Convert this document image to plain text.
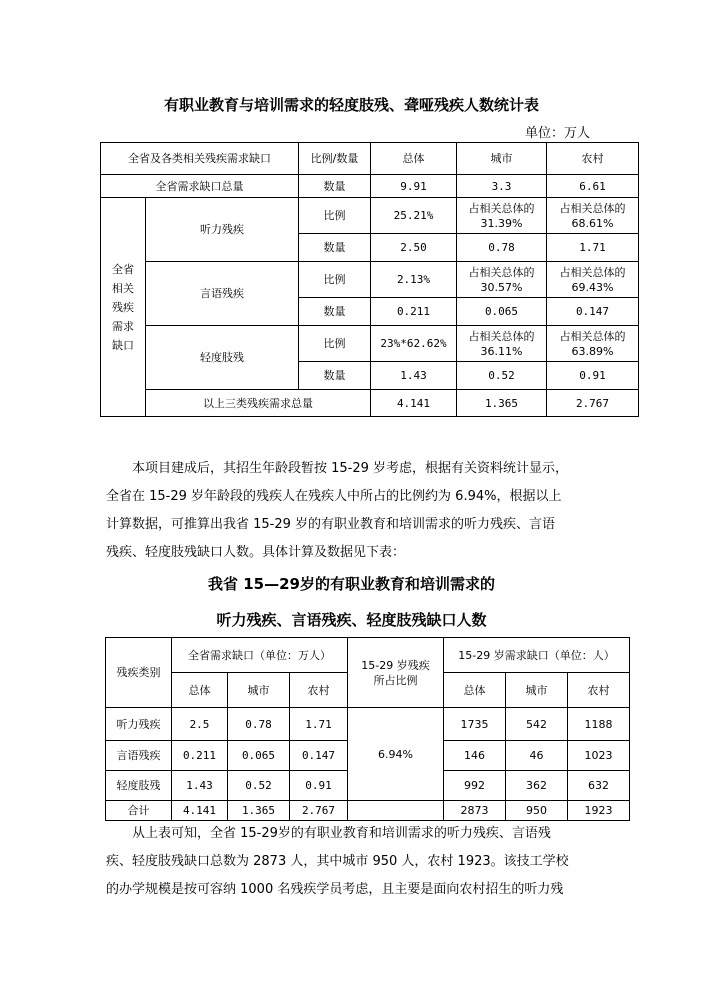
有职业教育与培训需求的轻度肢残、聋哑残疾人数统计表
单位：万人
全省及各类相关残疾需求缺口		比例/数量	总体	城市	农村
全省需求缺口总量		数量	9.91	3.3	6.61

全省相关残疾需求缺口	听力残疾	比例	25.21%	占相关总体的31.39%	占相关总体的68.61%
		数量	2.50	0.78	1.71
	言语残疾	比例	2.13%	占相关总体的30.57%	占相关总体的69.43%
		数量	0.211	0.065	0.147
	轻度肢残	比例	23%*62.62%	占相关总体的36.11%	占相关总体的63.89%
		数量	1.43	0.52	0.91
	以上三类残疾需求总量		4.141	1.365	2.767
本项目建成后，其招生年龄段暂按 15-29 岁考虑，根据有关资料统计显示，
全省在 15-29 岁年龄段的残疾人在残疾人中所占的比例约为 6.94%，根据以上
计算数据，可推算出我省 15-29 岁的有职业教育和培训需求的听力残疾、言语
残疾、轻度肢残缺口人数。具体计算及数据见下表：
我省 15—29岁的有职业教育和培训需求的
听力残疾、言语残疾、轻度肢残缺口人数
残疾类别	全省需求缺口（单位：万人）			15-29 岁残疾所占比例	15-29 岁需求缺口（单位：人）		
	总体	城市	农村		总体	城市	农村
听力残疾	2.5	0.78	1.71	6.94%	1735	542	1188
言语残疾	0.211	0.065	0.147		146	46	1023
轻度肢残	1.43	0.52	0.91		992	362	632
合计	4.141	1.365	2.767		2873	950	1923
从上表可知，全省 15-29岁的有职业教育和培训需求的听力残疾、言语残
疾、轻度肢残缺口总数为 2873 人，其中城市 950 人，农村 1923。该技工学校
的办学规模是按可容纳 1000 名残疾学员考虑，且主要是面向农村招生的听力残
